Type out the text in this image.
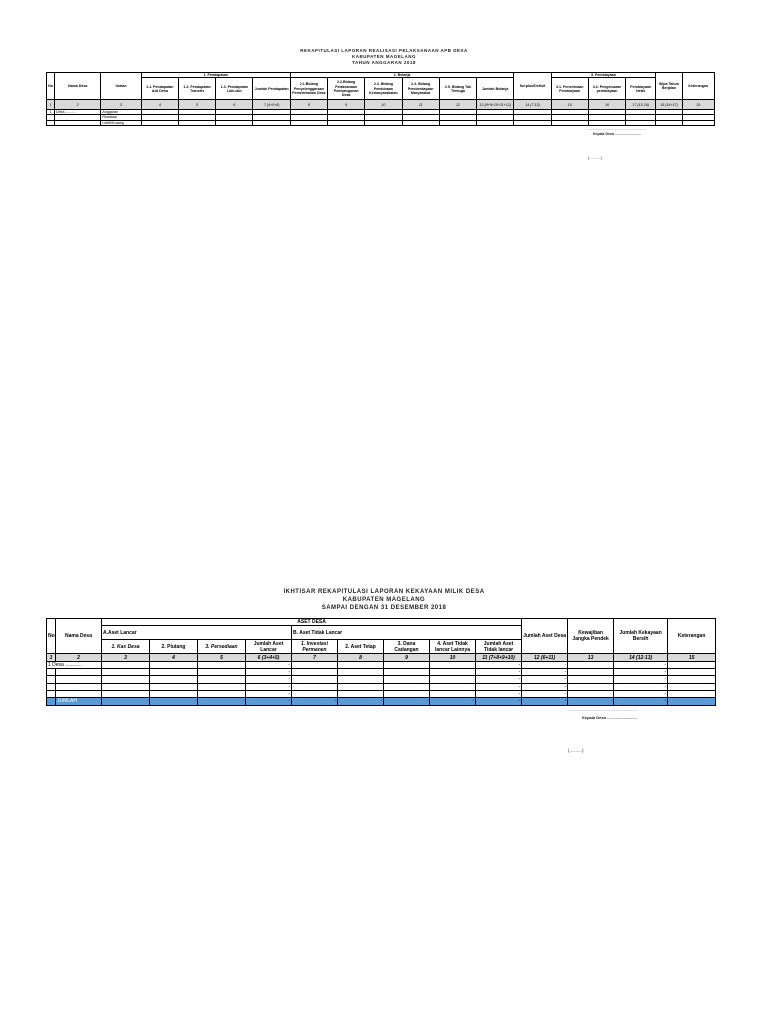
REKAPITULASI LAPORAN REALISASI PELAKSANAAN APB DESA
KABUPATEN MAGELANG
TAHUN ANGGARAN 2018
No	Nama Desa	Uraian	1. Pendapatan				2. Belanja						Surplus/Defisit	3. Pembiayaan			Silpa Tahun Berjalan	Keterangan
			1.1. Pendapatan Asli Desa	1.2. Pendapatan Transfer	1.3. Pendapatan Lain-lain	Jumlah Pendapatan	2.1.Bidang Penyelenggaraan Pemerintahan Desa	2.2.Bidang Pelaksanaan Pembangunan Desa	2.3. Bidang Pembinaan Kemasyarakatan	2.4. Bidang Pemberdayaan Masyarakat	2.5. Bidang Tak Terduga	Jumlah Belanja		3.1. Penerimaan Pembiayaan	3.2. Pengeluaran pembiayaan	Pembiayaan Netto		
1	2	3	4	5	6	7 (4+5+6)	8	9	10	11	12	13 (8+9+10+11+12)	14 (7-13)	15	16	17 (15-16)	18 (14+17)	19
1	Desa ...........	Anggaran																
		Realisasi																
		Lebih/Kurang																
..............................................................
Kepala Desa ...........................
(..........)
IKHTISAR REKAPITULASI LAPORAN KEKAYAAN MILIK DESA
KABUPATEN MAGELANG
SAMPAI DENGAN 31 DESEMBER 2018
No	Nama Desa	ASET DESA									Jumlah Aset Desa	Kewajiban Jangka Pendek	Jumlah Kekayaan Bersih	Keterangan
		A.Aset Lancar				B. Aset Tidak Lancar								
		1. Kas Desa	2. Piutang	3. Persediaan	Jumlah Aset Lancar	1. Investasi Permanen	2. Aset Tetap	3. Dana Cadangan	4. Aset Tidak lancar Lainnya	Jumlah Aset Tidak lancar				
1	2	3	4	5	6 (3+4+5)	7	8	9	10	11 (7+8+9+10)	12 (6+11)	13	14 (12-13)	15
1 Desa ............					-					-	-		-	
					-					-	-		-	
					-					-	-		-	
					-					-	-		-	
					-					-	-		-	
	JUMLAH	-	-	-	-	-	-	-	-	-	-	-	-	
..............................................................
Kepala Desa ...........................
(..........)
